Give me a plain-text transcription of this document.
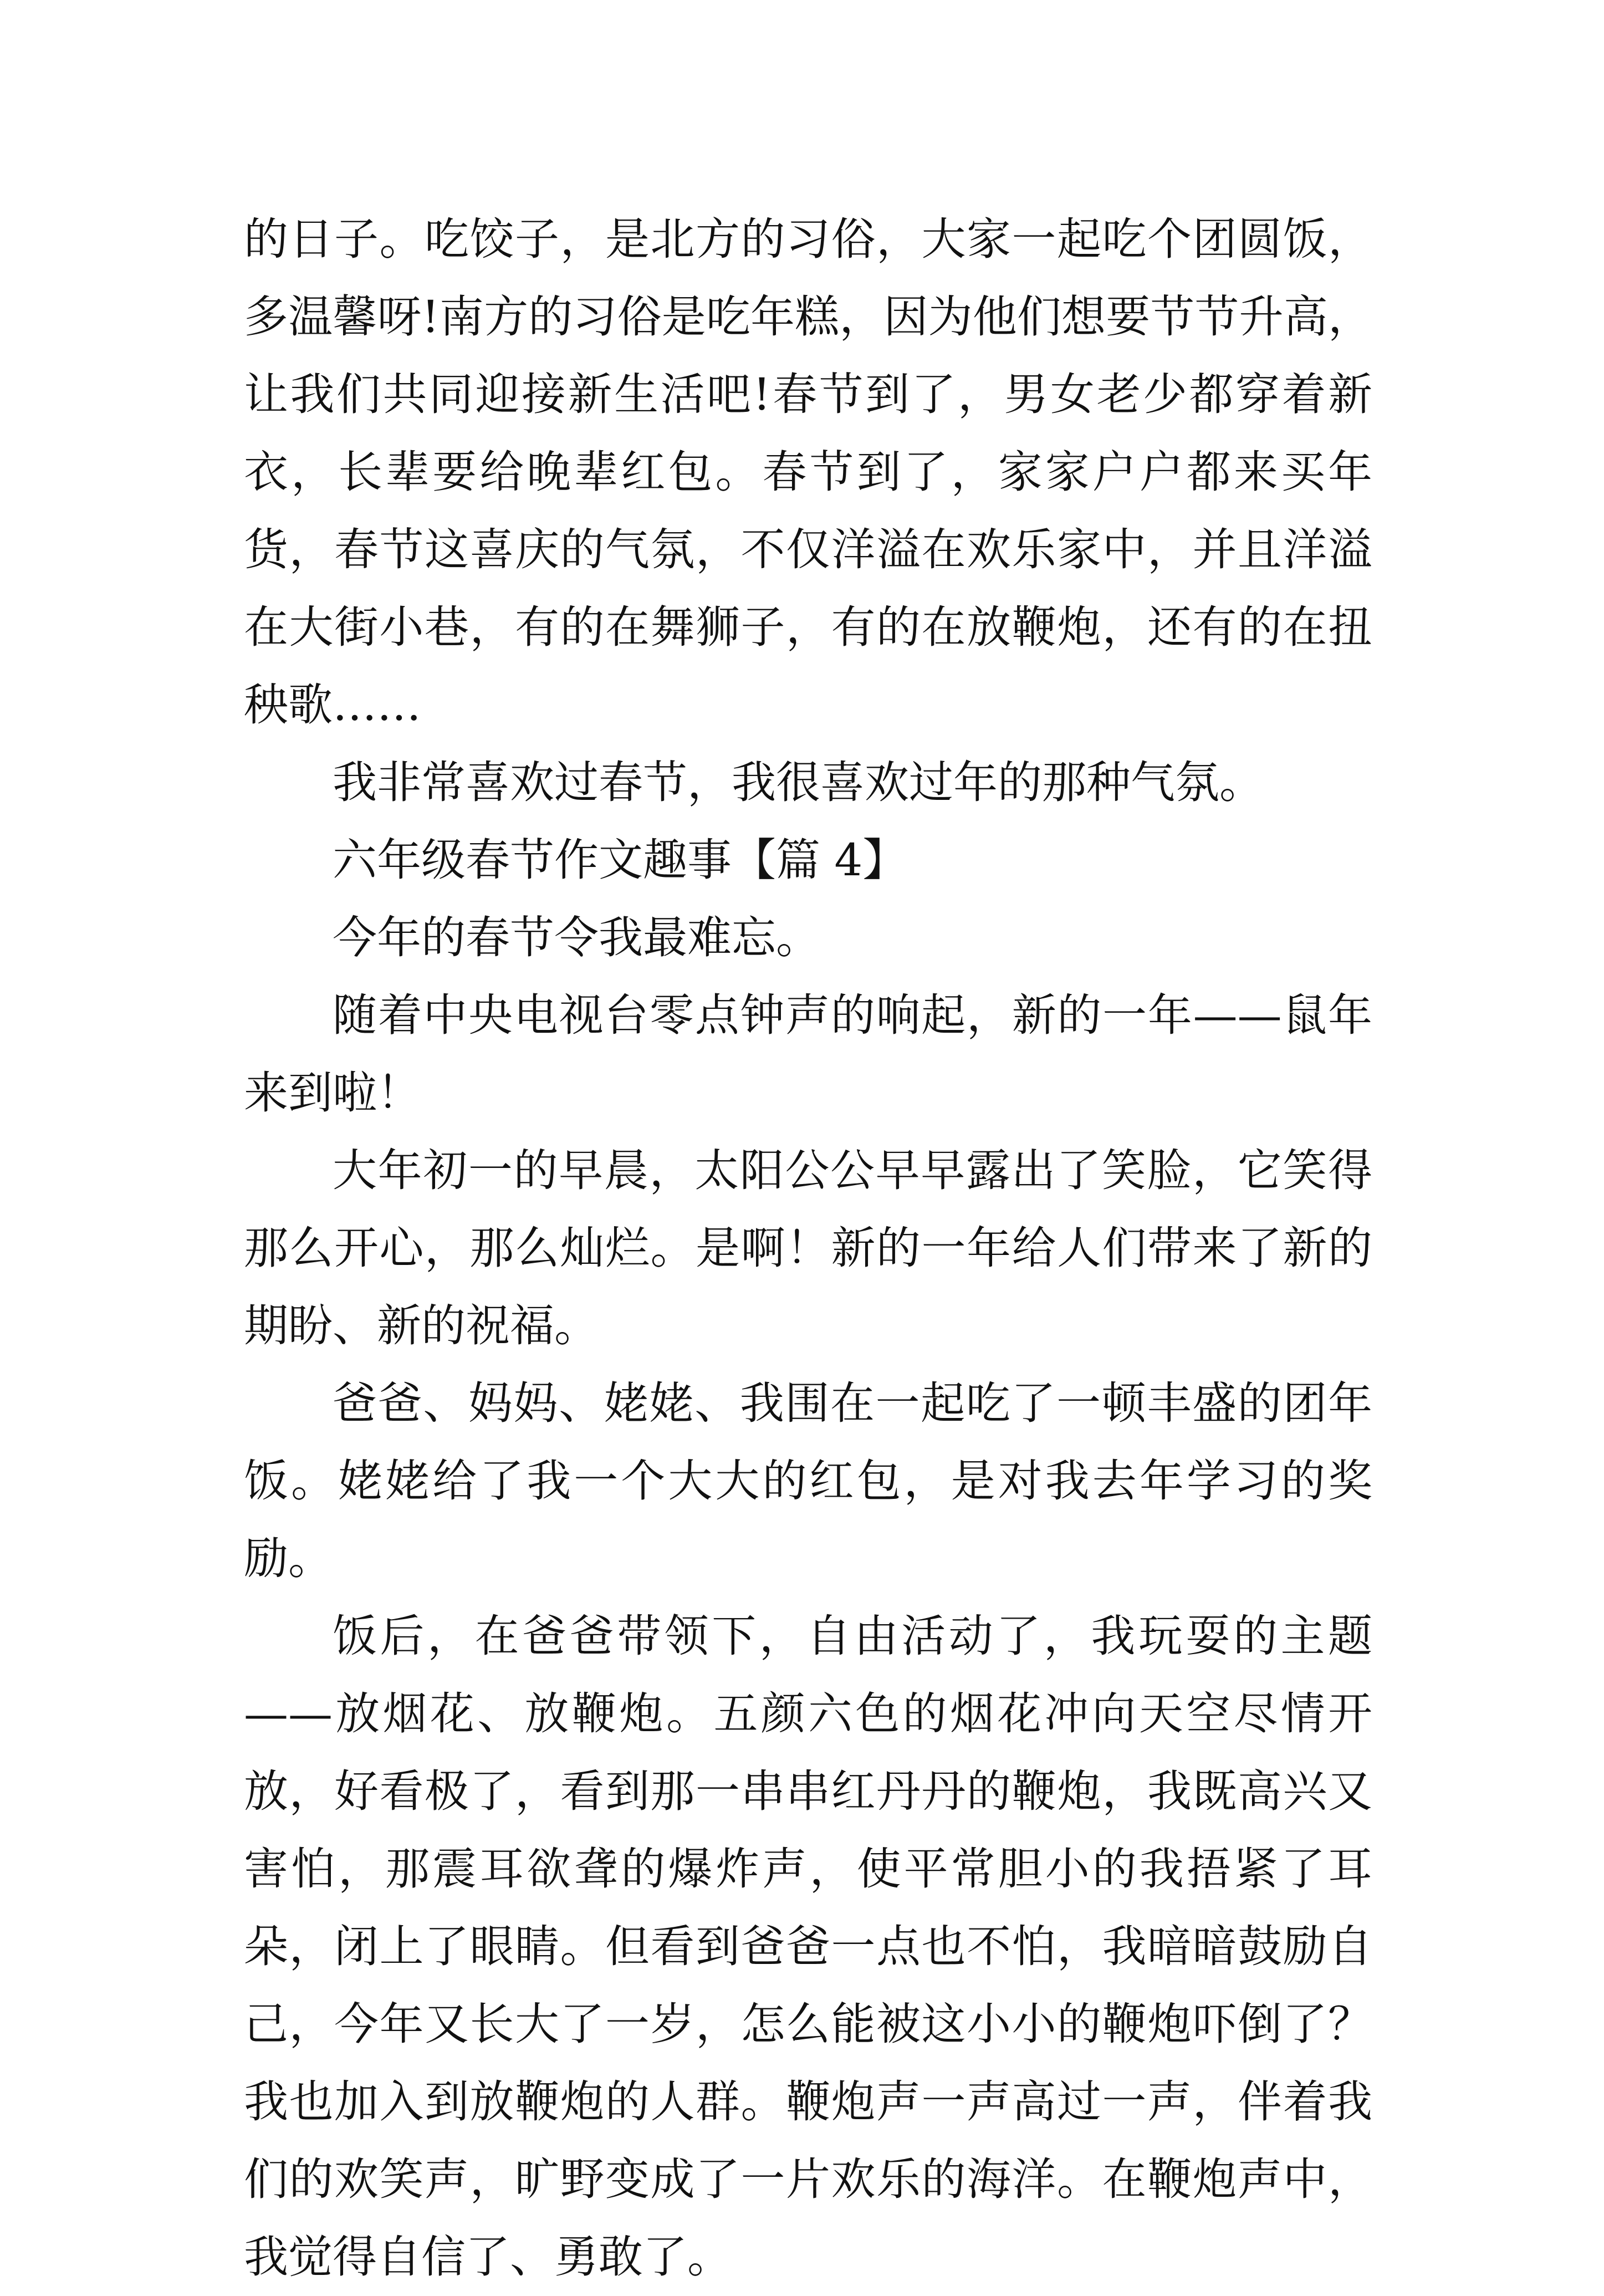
的日子。吃饺子，是北方的习俗，大家一起吃个团圆饭，多温馨呀!南方的习俗是吃年糕，因为他们想要节节升高，让我们共同迎接新生活吧!春节到了，男女老少都穿着新衣，长辈要给晚辈红包。春节到了，家家户户都来买年货，春节这喜庆的气氛，不仅洋溢在欢乐家中，并且洋溢在大街小巷，有的在舞狮子，有的在放鞭炮，还有的在扭秧歌……

我非常喜欢过春节，我很喜欢过年的那种气氛。

六年级春节作文趣事【篇 4】

今年的春节令我最难忘。

随着中央电视台零点钟声的响起，新的一年——鼠年来到啦！

大年初一的早晨，太阳公公早早露出了笑脸，它笑得那么开心，那么灿烂。是啊！新的一年给人们带来了新的期盼、新的祝福。

爸爸、妈妈、姥姥、我围在一起吃了一顿丰盛的团年饭。姥姥给了我一个大大的红包，是对我去年学习的奖励。

饭后，在爸爸带领下，自由活动了，我玩耍的主题——放烟花、放鞭炮。五颜六色的烟花冲向天空尽情开放，好看极了，看到那一串串红丹丹的鞭炮，我既高兴又害怕，那震耳欲聋的爆炸声，使平常胆小的我捂紧了耳朵，闭上了眼睛。但看到爸爸一点也不怕，我暗暗鼓励自己，今年又长大了一岁，怎么能被这小小的鞭炮吓倒了？我也加入到放鞭炮的人群。鞭炮声一声高过一声，伴着我们的欢笑声，旷野变成了一片欢乐的海洋。在鞭炮声中，我觉得自信了、勇敢了。
